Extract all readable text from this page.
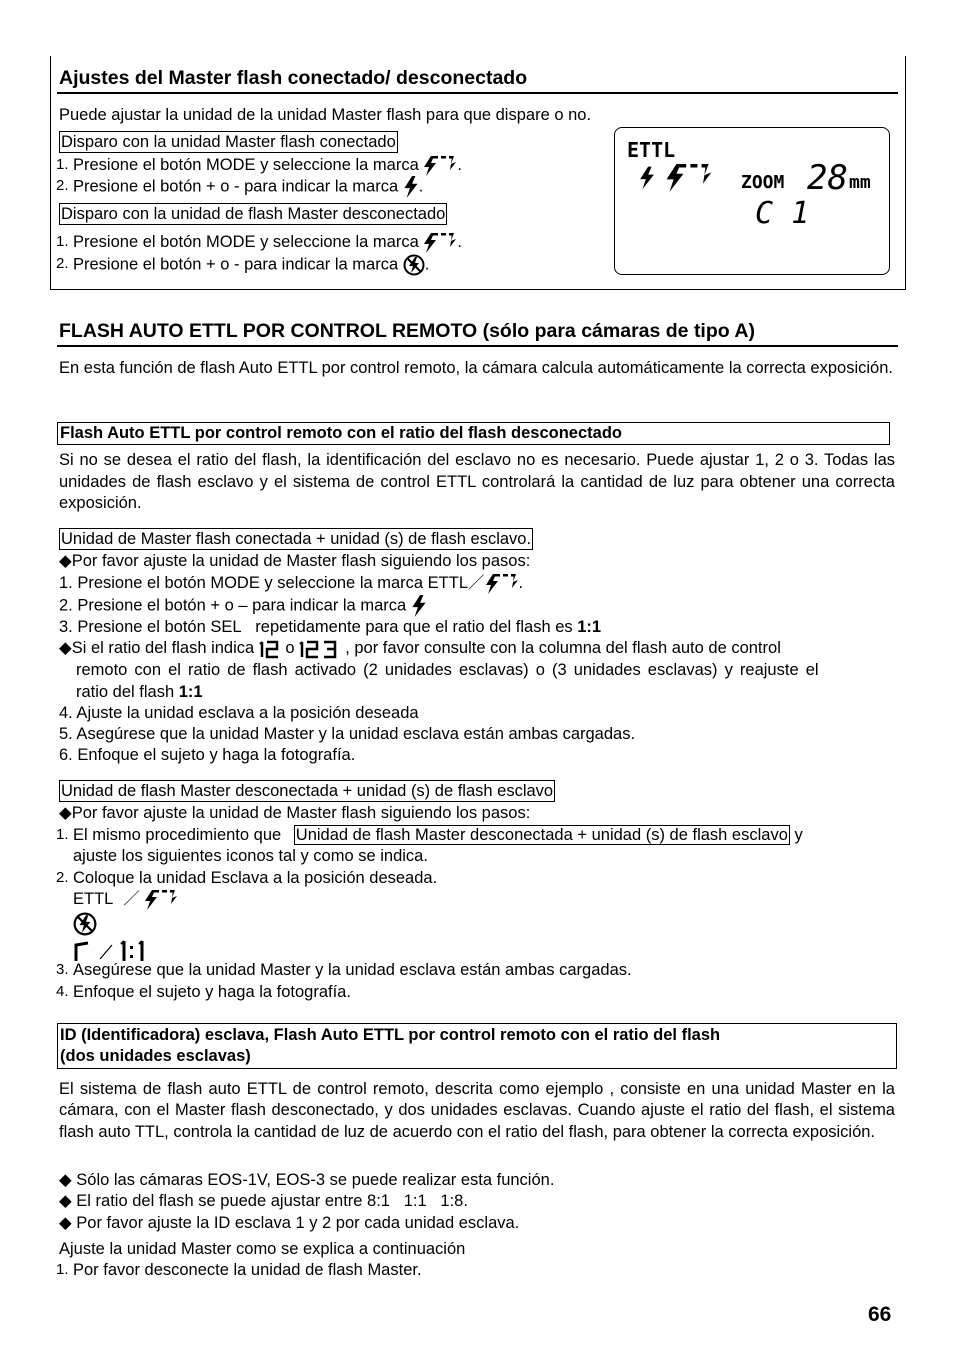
Ajustes del Master flash conectado/ desconectado
Puede ajustar la unidad de la unidad Master flash para que dispare o no.
Disparo con la unidad Master flash conectado
1. Presione el botón MODE y seleccione la marca .
2. Presione el botón + o - para indicar la marca .
Disparo con la unidad de flash Master desconectado
1. Presione el botón MODE y seleccione la marca .
2. Presione el botón + o - para indicar la marca .
ETTL
ZOOM 28 mm
C 1
FLASH AUTO ETTL POR CONTROL REMOTO (sólo para cámaras de tipo A)
En esta función de flash Auto ETTL por control remoto, la cámara calcula automáticamente la correcta exposición.
Flash Auto ETTL por control remoto con el ratio del flash desconectado
Si no se desea el ratio del flash, la identificación del esclavo no es necesario. Puede ajustar 1, 2 o 3. Todas las unidades de flash esclavo y el sistema de control ETTL controlará la cantidad de luz para obtener una correcta exposición.
Unidad de Master flash conectada + unidad (s) de flash esclavo.
◆Por favor ajuste la unidad de Master flash siguiendo los pasos:
1. Presione el botón MODE y seleccione la marca ETTL／ .
2. Presione el botón + o – para indicar la marca
3. Presione el botón SEL   repetidamente para que el ratio del flash es 1:1
◆Si el ratio del flash indica o	, por favor consulte con la columna del flash auto de control
remoto con el ratio de flash activado (2 unidades esclavas) o (3 unidades esclavas) y reajuste el
ratio del flash 1:1
4. Ajuste la unidad esclava a la posición deseada
5. Asegúrese que la unidad Master y la unidad esclava están ambas cargadas.
6. Enfoque el sujeto y haga la fotografía.
Unidad de flash Master desconectada + unidad (s) de flash esclavo
◆Por favor ajuste la unidad de Master flash siguiendo los pasos:
1. El mismo procedimiento que Unidad de flash Master desconectada + unidad (s) de flash esclavo y
ajuste los siguientes iconos tal y como se indica.
2. Coloque la unidad Esclava a la posición deseada.
ETTL ／
3. Asegúrese que la unidad Master y la unidad esclava están ambas cargadas.
4. Enfoque el sujeto y haga la fotografía.
ID (Identificadora) esclava, Flash Auto ETTL por control remoto con el ratio del flash
(dos unidades esclavas)
El sistema de flash auto ETTL de control remoto, descrita como ejemplo , consiste en una unidad Master en la cámara, con el Master flash desconectado, y dos unidades esclavas. Cuando ajuste el ratio del flash, el sistema flash auto TTL, controla la cantidad de luz de acuerdo con el ratio del flash, para obtener la correcta exposición.
◆ Sólo las cámaras EOS-1V, EOS-3 se puede realizar esta función.
◆ El ratio del flash se puede ajustar entre 8:1   1:1   1:8.
◆ Por favor ajuste la ID esclava 1 y 2 por cada unidad esclava.
Ajuste la unidad Master como se explica a continuación
1. Por favor desconecte la unidad de flash Master.
66
